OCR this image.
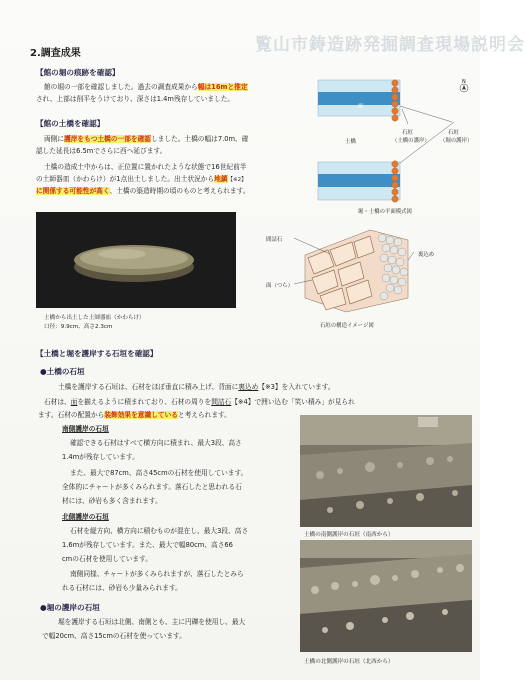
覧山市鋳造跡発掘調査現場説明会
2.調査成果
【館の堀の痕跡を確認】
館の堀の一部を確認しました。過去の調査成果から幅は16mと推定
され、上部は削平をうけており、深さは1.4m残存していました。
【館の土橋を確認】
両側に護岸をもつ土橋の一部を確認しました。土橋の幅は7.0m、確
認した延長は6.5mでさらに西へ延びます。
土橋の造成土中からは、正位置に置かれたような状態で16世紀前半
の土師器皿（かわらけ）が1点出土しました。出土状況から地鎮【※2】
に関係する可能性が高く、土橋の築造時期の頃のものと考えられます。
堀
土橋
石垣
（土橋の護岸）
石垣
（堀の護岸）
N
堀・土橋の平面模式図
土橋から出土した土師器皿（かわらけ）
口径：9.9cm、高さ2.3cm
間詰石
裏込め
面（つら）
石垣の構造イメージ図
【土橋と堀を護岸する石垣を確認】
●土橋の石垣
土橋を護岸する石垣は、石材をほぼ垂直に積み上げ、背面に裏込め【※3】を入れています。
石材は、面を揃えるように積まれており、石材の周りを間詰石【※4】で囲い込む「笑い積み」が見られ
ます。石材の配置から装飾効果を意識していると考えられます。
南側護岸の石垣
確認できる石材はすべて横方向に積まれ、最大3段、高さ
1.4mが残存しています。
また、最大で87cm、高さ45cmの石材を使用しています。
全体的にチャートが多くみられます。落石したと思われる石
材には、砂岩も多く含まれます。
北側護岸の石垣
石材を縦方向、横方向に積むものが混在し、最大3段、高さ
1.6mが残存しています。また、最大で幅80cm、高さ66
cmの石材を使用しています。
南側同様、チャートが多くみられますが、落石したとみら
れる石材には、砂岩も少量みられます。
土橋の南側護岸の石垣（南西から）
土橋の北側護岸の石垣（北西から）
●堀の護岸の石垣
堀を護岸する石垣は北側、南側とも、主に円礫を使用し、最大
で幅20cm、高さ15cmの石材を使っています。
